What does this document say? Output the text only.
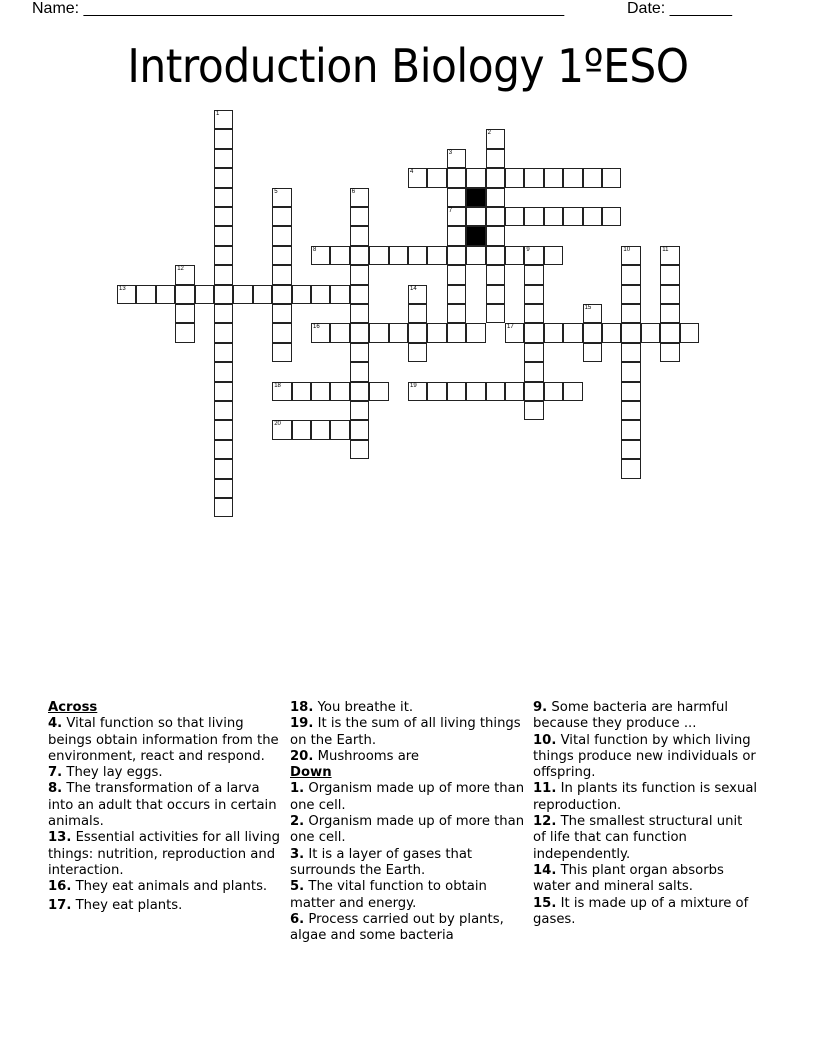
Name: ______________________________________________________	Date: _______
Introduction Biology 1ºESO
1
2
3
7
4
5	6
8	9	10	11
12
13	14
15
16	17
18	19
20
Across
4. Vital function so that living beings obtain information from the environment, react and respond.
7. They lay eggs.
8. The transformation of a larva into an adult that occurs in certain animals.
13. Essential activities for all living things: nutrition, reproduction and interaction.
16. They eat animals and plants.
17. They eat plants.
18. You breathe it.
19. It is the sum of all living things on the Earth.
20. Mushrooms are
Down
1. Organism made up of more than one cell.
2. Organism made up of more than one cell.
3. It is a layer of gases that surrounds the Earth.
5. The vital function to obtain matter and energy.
6. Process carried out by plants, algae and some bacteria
9. Some bacteria are harmful because they produce ...
10. Vital function by which living things produce new individuals or offspring.
11. In plants its function is sexual reproduction.
12. The smallest structural unit of life that can function independently.
14. This plant organ absorbs water and mineral salts.
15. It is made up of a mixture of gases.
